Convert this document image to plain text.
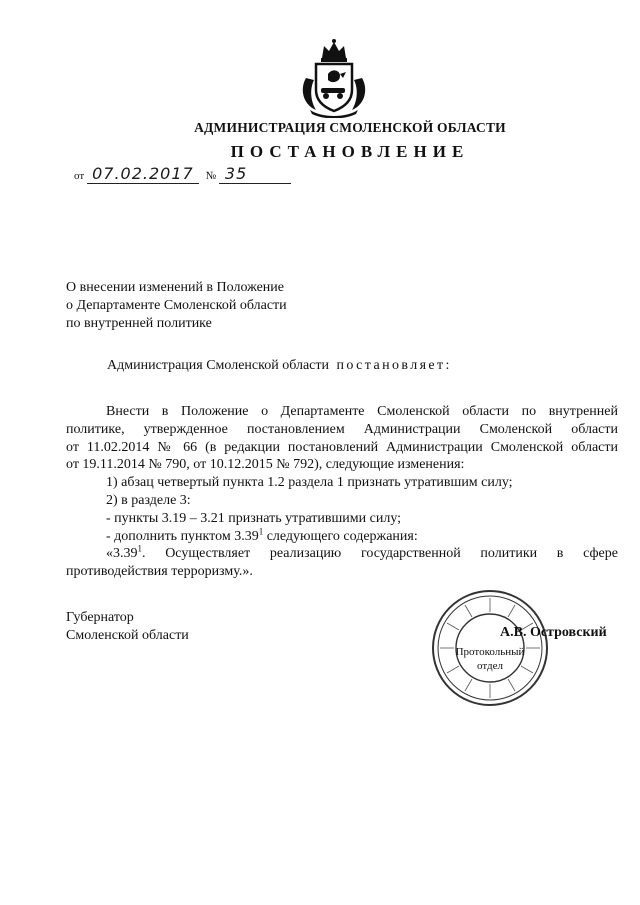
АДМИНИСТРАЦИЯ СМОЛЕНСКОЙ ОБЛАСТИ
ПОСТАНОВЛЕНИЕ
от 07.02.2017 № 35
О внесении изменений в Положение
о Департаменте Смоленской области
по внутренней политике
Администрация Смоленской области постановляет:

Внести в Положение о Департаменте Смоленской области по внутренней

политике, утвержденное постановлением Администрации Смоленской области

от 11.02.2014 № 66 (в редакции постановлений Администрации Смоленской области

от 19.11.2014 № 790, от 10.12.2015 № 792), следующие изменения:

1) абзац четвертый пункта 1.2 раздела 1 признать утратившим силу;

2) в разделе 3:

- пункты 3.19 – 3.21 признать утратившими силу;

- дополнить пунктом 3.39$^1$ следующего содержания:

«3.39$^1$. Осуществляет реализацию государственной политики в сфере

противодействия терроризму.».

Губернатор
Смоленской области
Протокольный
отдел
А.В. Островский
